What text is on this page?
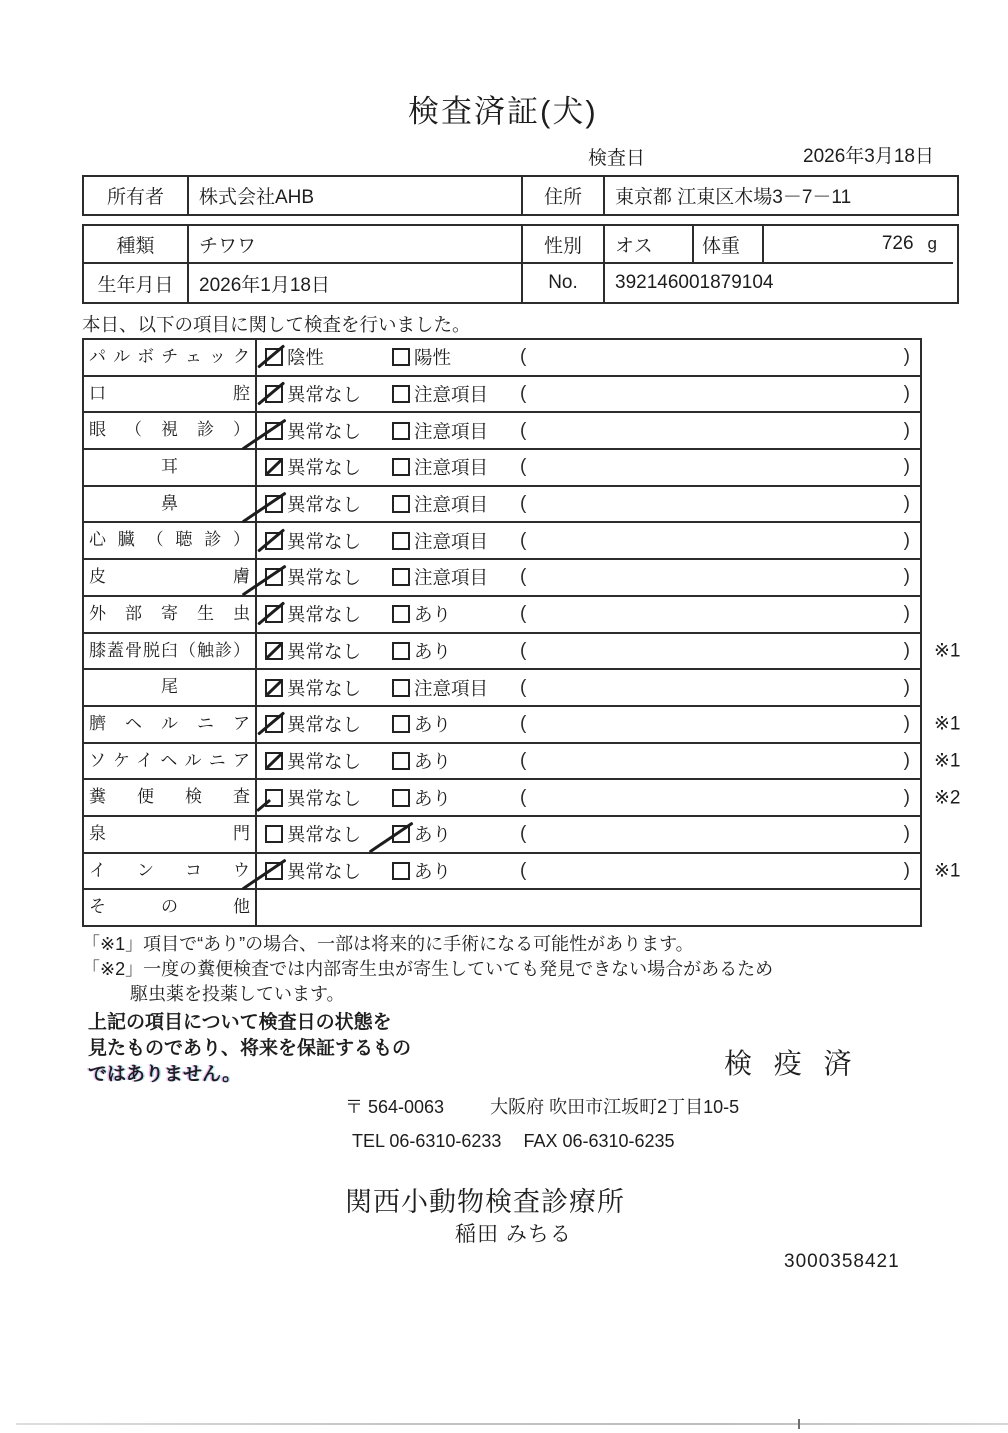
検査済証(犬)
検査日	2026年3月18日
所有者	株式会社AHB	住所	東京都 江東区木場3－7－11
種類	チワワ	性別	オス	体重	726 g
生年月日	2026年1月18日	No.	392146001879104
本日、以下の項目に関して検査を行いました。
パルボチェック	陰性	陽性	(	)
口腔	異常なし	注意項目 (	)
眼（視診）	異常なし	注意項目 (	)
耳	異常なし	注意項目 (	)
鼻	異常なし	注意項目 (	)
心臓（聴診）	異常なし	注意項目 (	)
皮膚	異常なし	注意項目 (	)
外部寄生虫	異常なし	あり	(	)
膝蓋骨脱臼（触診）	異常なし	あり	(	) ※1
尾	異常なし	注意項目 (	)
臍ヘルニア	異常なし	あり	(	) ※1
ソケイヘルニア	異常なし	あり	(	) ※1
糞便検査	異常なし	あり	(	) ※2
泉門	異常なし	あり	(	)
インコウ	異常なし	あり	(	) ※1
その他
「※1」項目で“あり”の場合、一部は将来的に手術になる可能性があります。
「※2」一度の糞便検査では内部寄生虫が寄生していても発見できない場合があるため
駆虫薬を投薬しています。
上記の項目について検査日の状態を
見たものであり、将来を保証するもの
ではありません。	検 疫 済
〒 564-0063	大阪府 吹田市江坂町2丁目10-5
TEL 06-6310-6233 FAX 06-6310-6235
関西小動物検査診療所
稲田 みちる
3000358421
